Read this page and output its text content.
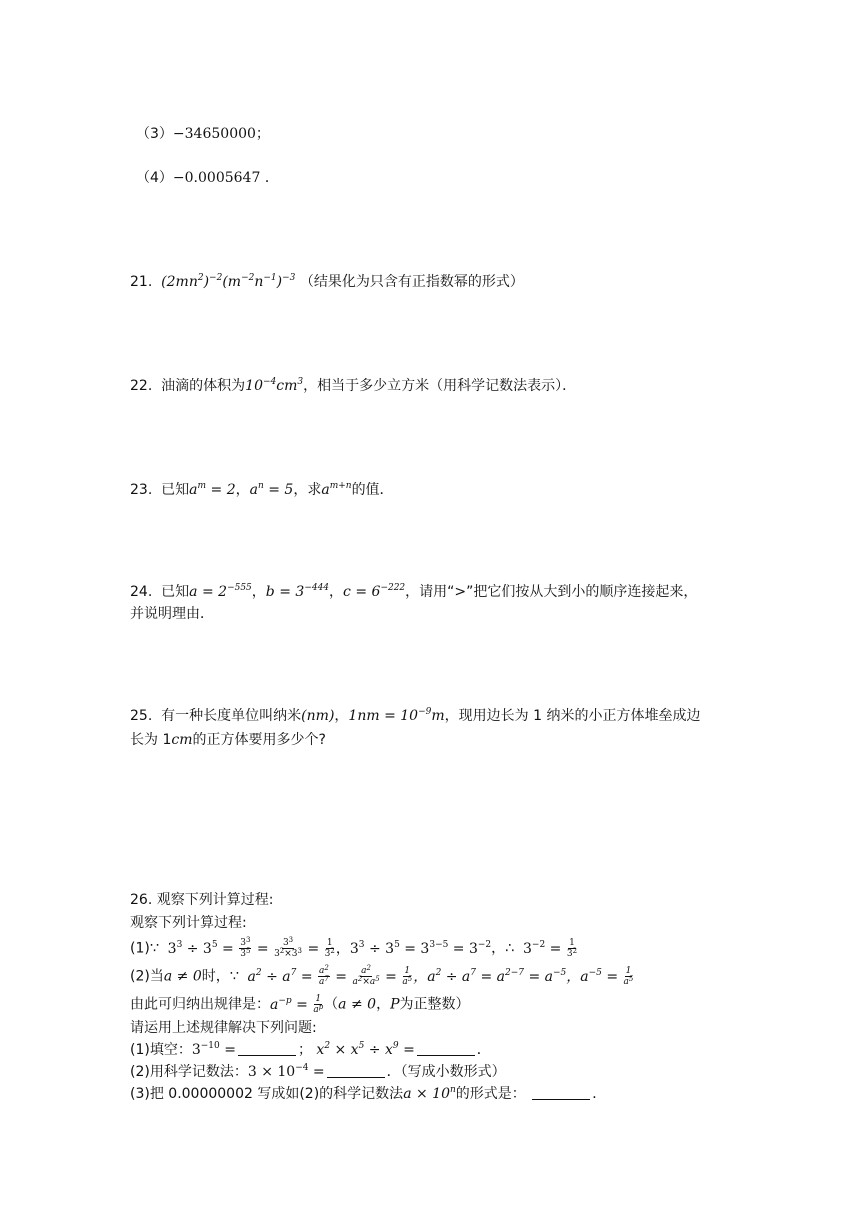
（3）−34650000；
（4）−0.0005647 ．
21. $(2mn^2)^{-2}(m^{-2}n^{-1})^{-3}$ （结果化为只含有正指数幂的形式）
22. 油滴的体积为$10^{-4}cm^3$，相当于多少立方米（用科学记数法表示）．
23. 已知$a^m = 2$，$a^n = 5$，求$a^{m+n}$的值．
24. 已知$a = 2^{-555}$，$b = 3^{-444}$，$c = 6^{-222}$，请用“>”把它们按从大到小的顺序连接起来，
并说明理由．
25. 有一种长度单位叫纳米(nm)，$1nm = 10^{-9}m$，现用边长为 1 纳米的小正方体堆垒成边
长为 1cm的正方体要用多少个?
26. 观察下列计算过程:
观察下列计算过程:
(1)∵  $3^3 \div 3^5 = \frac{3^3}{3^5} = \frac{3^3}{3^2\times 3^3} = \frac{1}{3^2}$ ，$3^3 \div 3^5 = 3^{3-5} = 3^{-2}$，∴  $3^{-2} = \frac{1}{3^2}$
(2)当a ≠ 0时，∵  $a^2 \div a^7 = \frac{a^2}{a^7} = \frac{a^2}{a^2\times a^5} = \frac{1}{a^5}$ ，$a^2 \div a^7 = a^{2-7} = a^{-5}$，$a^{-5} = \frac{1}{a^5}$
由此可归纳出规律是：$a^{-p} = \frac{1}{a^p} (a \ne 0$，P为正整数）
请运用上述规律解决下列问题:
(1)填空：$3^{-10}$ =	； $x^2 \times x^5 \div x^9$ =	．
(2)用科学记数法：$3 \times 10^{-4}$ =	．（写成小数形式）
(3)把 0.00000002 写成如(2)的科学记数法$a \times 10^n$的形式是：	．
